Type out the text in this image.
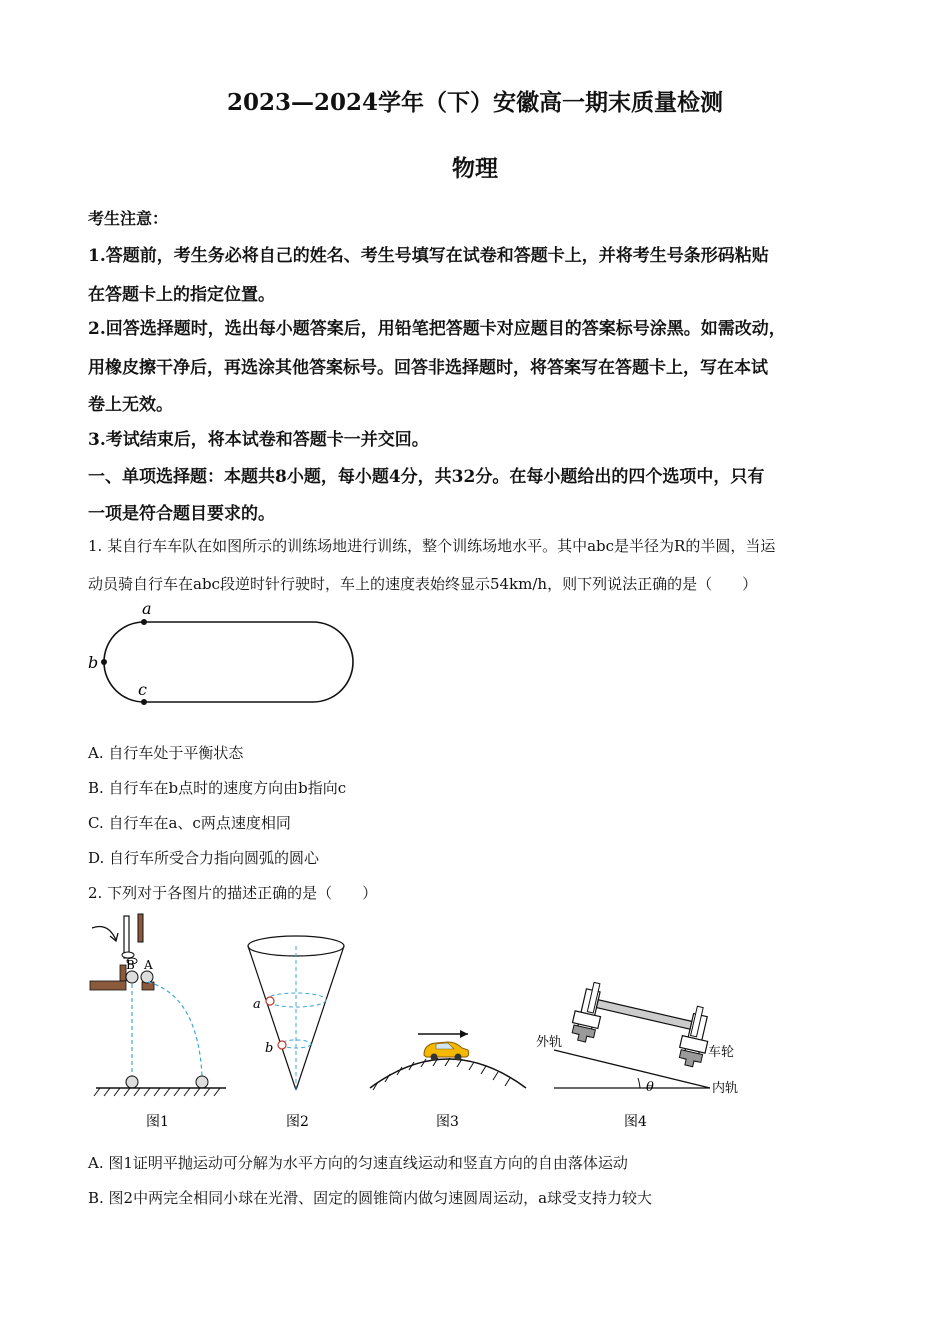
2023—2024学年（下）安徽高一期末质量检测
物理
考生注意：
1.答题前，考生务必将自己的姓名、考生号填写在试卷和答题卡上，并将考生号条形码粘贴
在答题卡上的指定位置。
2.回答选择题时，选出每小题答案后，用铅笔把答题卡对应题目的答案标号涂黑。如需改动，
用橡皮擦干净后，再选涂其他答案标号。回答非选择题时，将答案写在答题卡上，写在本试
卷上无效。
3.考试结束后，将本试卷和答题卡一并交回。
一、单项选择题：本题共8小题，每小题4分，共32分。在每小题给出的四个选项中，只有
一项是符合题目要求的。
1. 某自行车车队在如图所示的训练场地进行训练，整个训练场地水平。其中abc是半径为R的半圆，当运
动员骑自行车在abc段逆时针行驶时，车上的速度表始终显示54km/h，则下列说法正确的是（　　）
a
b
c
A. 自行车处于平衡状态
B. 自行车在b点时的速度方向由b指向c
C. 自行车在a、c两点速度相同
D. 自行车所受合力指向圆弧的圆心
2. 下列对于各图片的描述正确的是（　　）
B A
图1
a
b
图2	图3
θ
外轨
车轮
内轨
图4
A. 图1证明平抛运动可分解为水平方向的匀速直线运动和竖直方向的自由落体运动
B. 图2中两完全相同小球在光滑、固定的圆锥筒内做匀速圆周运动，a球受支持力较大
